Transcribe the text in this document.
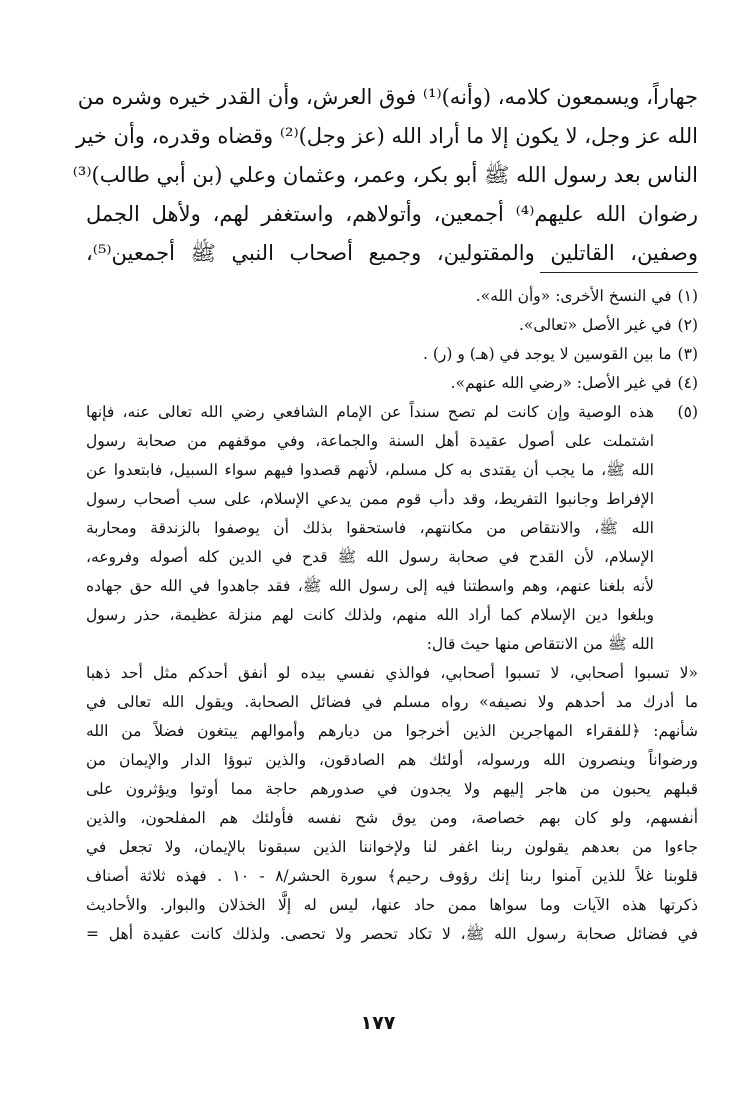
جهاراً، ويسمعون كلامه، (وأنه)⁽¹⁾ فوق العرش، وأن القدر خيره وشره من
الله عز وجل، لا يكون إلا ما أراد الله (عز وجل)⁽²⁾ وقضاه وقدره، وأن خير
الناس بعد رسول الله ﷺ أبو بكر، وعمر، وعثمان وعلي (بن أبي طالب)⁽³⁾
رضوان الله عليهم⁽⁴⁾ أجمعين، وأتولاهم، واستغفر لهم، ولأهل الجمل
وصفين، القاتلين والمقتولين، وجميع أصحاب النبي ﷺ أجمعين⁽⁵⁾،
(١)
في النسخ الأخرى: «وأن الله».
(٢)
في غير الأصل «تعالى».
(٣)
ما بين القوسين لا يوجد في (هـ) و (ر) .
(٤)
في غير الأصل: «رضي الله عنهم».
(٥)
هذه الوصية وإن كانت لم تصح سنداً عن الإمام الشافعي رضي الله تعالى عنه، فإنها
اشتملت على أصول عقيدة أهل السنة والجماعة، وفي موقفهم من صحابة رسول
الله ﷺ، ما يجب أن يقتدى به كل مسلم، لأنهم قصدوا فيهم سواء السبيل، فابتعدوا عن
الإفراط وجانبوا التفريط، وقد دأب قوم ممن يدعي الإسلام، على سب أصحاب رسول
الله ﷺ، والانتقاص من مكانتهم، فاستحقوا بذلك أن يوصفوا بالزندقة ومحاربة
الإسلام، لأن القدح في صحابة رسول الله ﷺ قدح في الدين كله أصوله وفروعه،
لأنه بلغنا عنهم، وهم واسطتنا فيه إلى رسول الله ﷺ، فقد جاهدوا في الله حق جهاده
وبلغوا دين الإسلام كما أراد الله منهم، ولذلك كانت لهم منزلة عظيمة، حذر رسول
الله ﷺ من الانتقاص منها حيث قال:
«لا تسبوا أصحابي، لا تسبوا أصحابي، فوالذي نفسي بيده لو أنفق أحدكم مثل أحد ذهبا
ما أدرك مد أحدهم ولا نصيفه» رواه مسلم في فضائل الصحابة. ويقول الله تعالى في
شأنهم: ﴿للفقراء المهاجرين الذين أخرجوا من ديارهم وأموالهم يبتغون فضلاً من الله
ورضواناً وينصرون الله ورسوله، أولئك هم الصادقون، والذين تبوؤا الدار والإيمان من
قبلهم يحبون من هاجر إليهم ولا يجدون في صدورهم حاجة مما أوتوا ويؤثرون على
أنفسهم، ولو كان بهم خصاصة، ومن يوق شح نفسه فأولئك هم المفلحون، والذين
جاءوا من بعدهم يقولون ربنا اغفر لنا ولإخواننا الذين سبقونا بالإيمان، ولا تجعل في
قلوبنا غلاً للذين آمنوا ربنا إنك رؤوف رحيم﴾ سورة الحشر/٨ - ١٠ . فهذه ثلاثة أصناف
ذكرتها هذه الآيات وما سواها ممن حاد عنها، ليس له إلَّا الخذلان والبوار. والأحاديث
في فضائل صحابة رسول الله ﷺ، لا تكاد تحصر ولا تحصى. ولذلك كانت عقيدة أهل =
١٧٧
